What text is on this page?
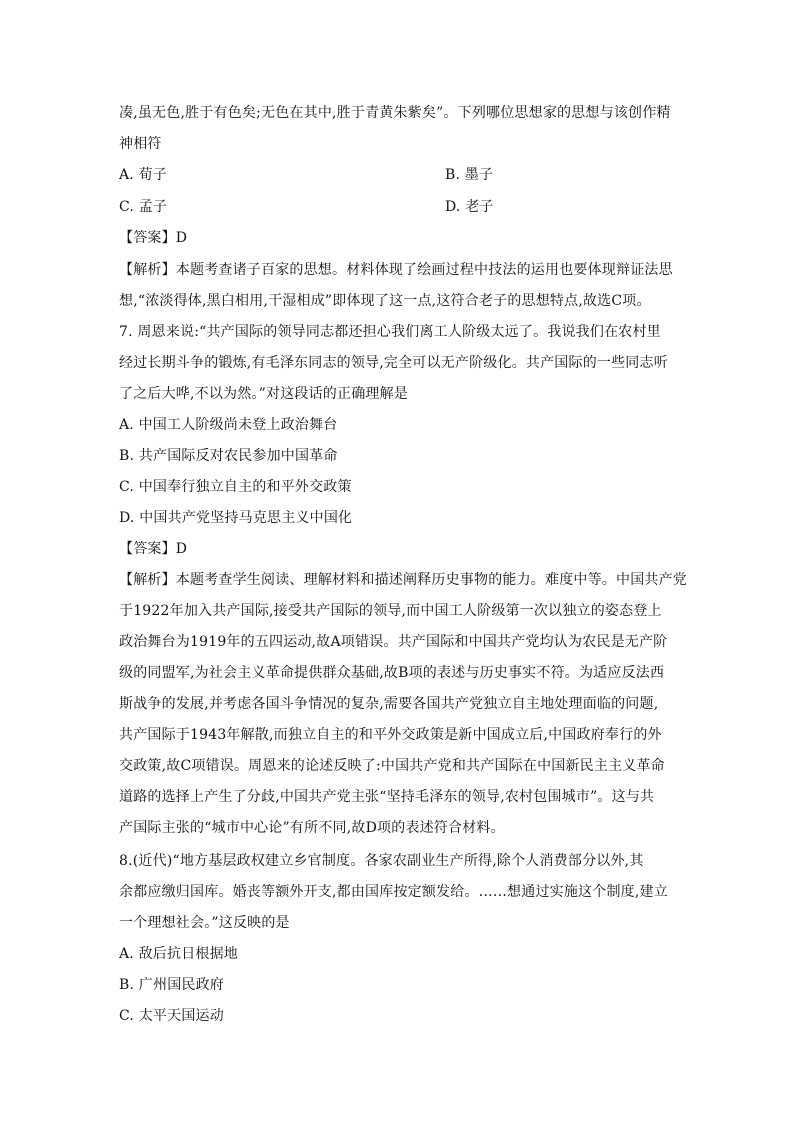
凑,虽无色,胜于有色矣;无色在其中,胜于青黄朱紫矣”。下列哪位思想家的思想与该创作精
神相符
A. 荀子	B. 墨子
C. 孟子	D. 老子
【答案】D
【解析】本题考查诸子百家的思想。材料体现了绘画过程中技法的运用也要体现辩证法思
想,“浓淡得体,黑白相用,干湿相成”即体现了这一点,这符合老子的思想特点,故选C项。
7. 周恩来说:“共产国际的领导同志都还担心我们离工人阶级太远了。我说我们在农村里
经过长期斗争的锻炼,有毛泽东同志的领导,完全可以无产阶级化。共产国际的一些同志听
了之后大哗,不以为然。”对这段话的正确理解是
A. 中国工人阶级尚未登上政治舞台
B. 共产国际反对农民参加中国革命
C. 中国奉行独立自主的和平外交政策
D. 中国共产党坚持马克思主义中国化
【答案】D
【解析】本题考查学生阅读、理解材料和描述阐释历史事物的能力。难度中等。中国共产党
于1922年加入共产国际,接受共产国际的领导,而中国工人阶级第一次以独立的姿态登上
政治舞台为1919年的五四运动,故A项错误。共产国际和中国共产党均认为农民是无产阶
级的同盟军,为社会主义革命提供群众基础,故B项的表述与历史事实不符。为适应反法西
斯战争的发展,并考虑各国斗争情况的复杂,需要各国共产党独立自主地处理面临的问题,
共产国际于1943年解散,而独立自主的和平外交政策是新中国成立后,中国政府奉行的外
交政策,故C项错误。周恩来的论述反映了:中国共产党和共产国际在中国新民主主义革命
道路的选择上产生了分歧,中国共产党主张“坚持毛泽东的领导,农村包围城市”。这与共
产国际主张的“城市中心论”有所不同,故D项的表述符合材料。
8.(近代)“地方基层政权建立乡官制度。各家农副业生产所得,除个人消费部分以外,其
余都应缴归国库。婚丧等额外开支,都由国库按定额发给。……想通过实施这个制度,建立
一个理想社会。”这反映的是
A. 敌后抗日根据地
B. 广州国民政府
C. 太平天国运动
